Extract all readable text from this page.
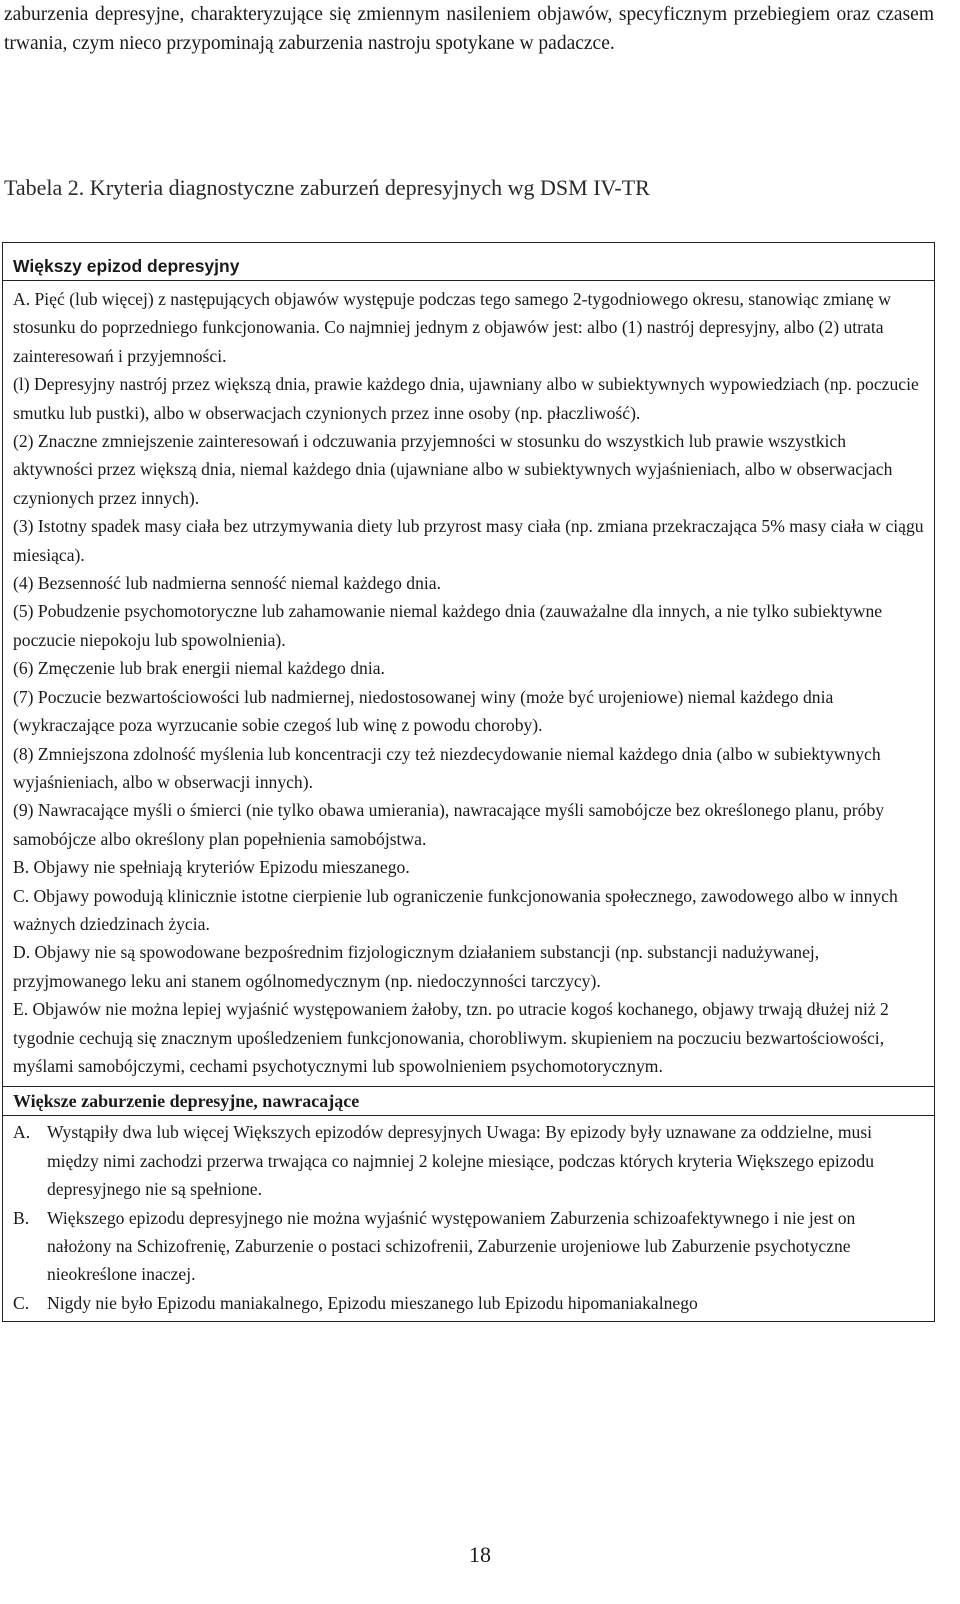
zaburzenia depresyjne, charakteryzujące się zmiennym nasileniem objawów, specyficznym przebiegiem oraz czasem trwania, czym nieco przypominają zaburzenia nastroju spotykane w padaczce.

Tabela 2. Kryteria diagnostyczne zaburzeń depresyjnych wg DSM IV-TR

Większy epizod depresyjny

A. Pięć (lub więcej) z następujących objawów występuje podczas tego samego 2-tygodniowego okresu, stanowiąc zmianę w stosunku do poprzedniego funkcjonowania. Co najmniej jednym z objawów jest: albo (1) nastrój depresyjny, albo (2) utrata zainteresowań i przyjemności.

(l) Depresyjny nastrój przez większą dnia, prawie każdego dnia, ujawniany albo w subiektywnych wypowiedziach (np. poczucie smutku lub pustki), albo w obserwacjach czynionych przez inne osoby (np. płaczliwość).

(2) Znaczne zmniejszenie zainteresowań i odczuwania przyjemności w stosunku do wszystkich lub prawie wszystkich aktywności przez większą dnia, niemal każdego dnia (ujawniane albo w subiektywnych wyjaśnieniach, albo w obserwacjach czynionych przez innych).

(3) Istotny spadek masy ciała bez utrzymywania diety lub przyrost masy ciała (np. zmiana przekraczająca 5% masy ciała w ciągu miesiąca).

(4) Bezsenność lub nadmierna senność niemal każdego dnia.

(5) Pobudzenie psychomotoryczne lub zahamowanie niemal każdego dnia (zauważalne dla innych, a nie tylko subiektywne poczucie niepokoju lub spowolnienia).

(6) Zmęczenie lub brak energii niemal każdego dnia.

(7) Poczucie bezwartościowości lub nadmiernej, niedostosowanej winy (może być urojeniowe) niemal każdego dnia (wykraczające poza wyrzucanie sobie czegoś lub winę z powodu choroby).

(8) Zmniejszona zdolność myślenia lub koncentracji czy też niezdecydowanie niemal każdego dnia (albo w subiektywnych wyjaśnieniach, albo w obserwacji innych).

(9) Nawracające myśli o śmierci (nie tylko obawa umierania), nawracające myśli samobójcze bez określonego planu, próby samobójcze albo określony plan popełnienia samobójstwa.

B. Objawy nie spełniają kryteriów Epizodu mieszanego.

C. Objawy powodują klinicznie istotne cierpienie lub ograniczenie funkcjonowania społecznego, zawodowego albo w innych ważnych dziedzinach życia.

D. Objawy nie są spowodowane bezpośrednim fizjologicznym działaniem substancji (np. substancji nadużywanej, przyjmowanego leku ani stanem ogólnomedycznym (np. niedoczynności tarczycy).

E. Objawów nie można lepiej wyjaśnić występowaniem żałoby, tzn. po utracie kogoś kochanego, objawy trwają dłużej niż 2 tygodnie cechują się znacznym upośledzeniem funkcjonowania, chorobliwym. skupieniem na poczuciu bezwartościowości, myślami samobójczymi, cechami psychotycznymi lub spowolnieniem psychomotorycznym.

Większe zaburzenie depresyjne, nawracające

A. Wystąpiły dwa lub więcej Większych epizodów depresyjnych Uwaga: By epizody były uznawane za oddzielne, musi między nimi zachodzi przerwa trwająca co najmniej 2 kolejne miesiące, podczas których kryteria Większego epizodu depresyjnego nie są spełnione.
B.	Większego epizodu depresyjnego nie można wyjaśnić występowaniem Zaburzenia schizoafektywnego i nie jest on nałożony na Schizofrenię, Zaburzenie o postaci schizofrenii, Zaburzenie urojeniowe lub Zaburzenie psychotyczne nieokreślone inaczej.
C.	Nigdy nie było Epizodu maniakalnego, Epizodu mieszanego lub Epizodu hipomaniakalnego

18
